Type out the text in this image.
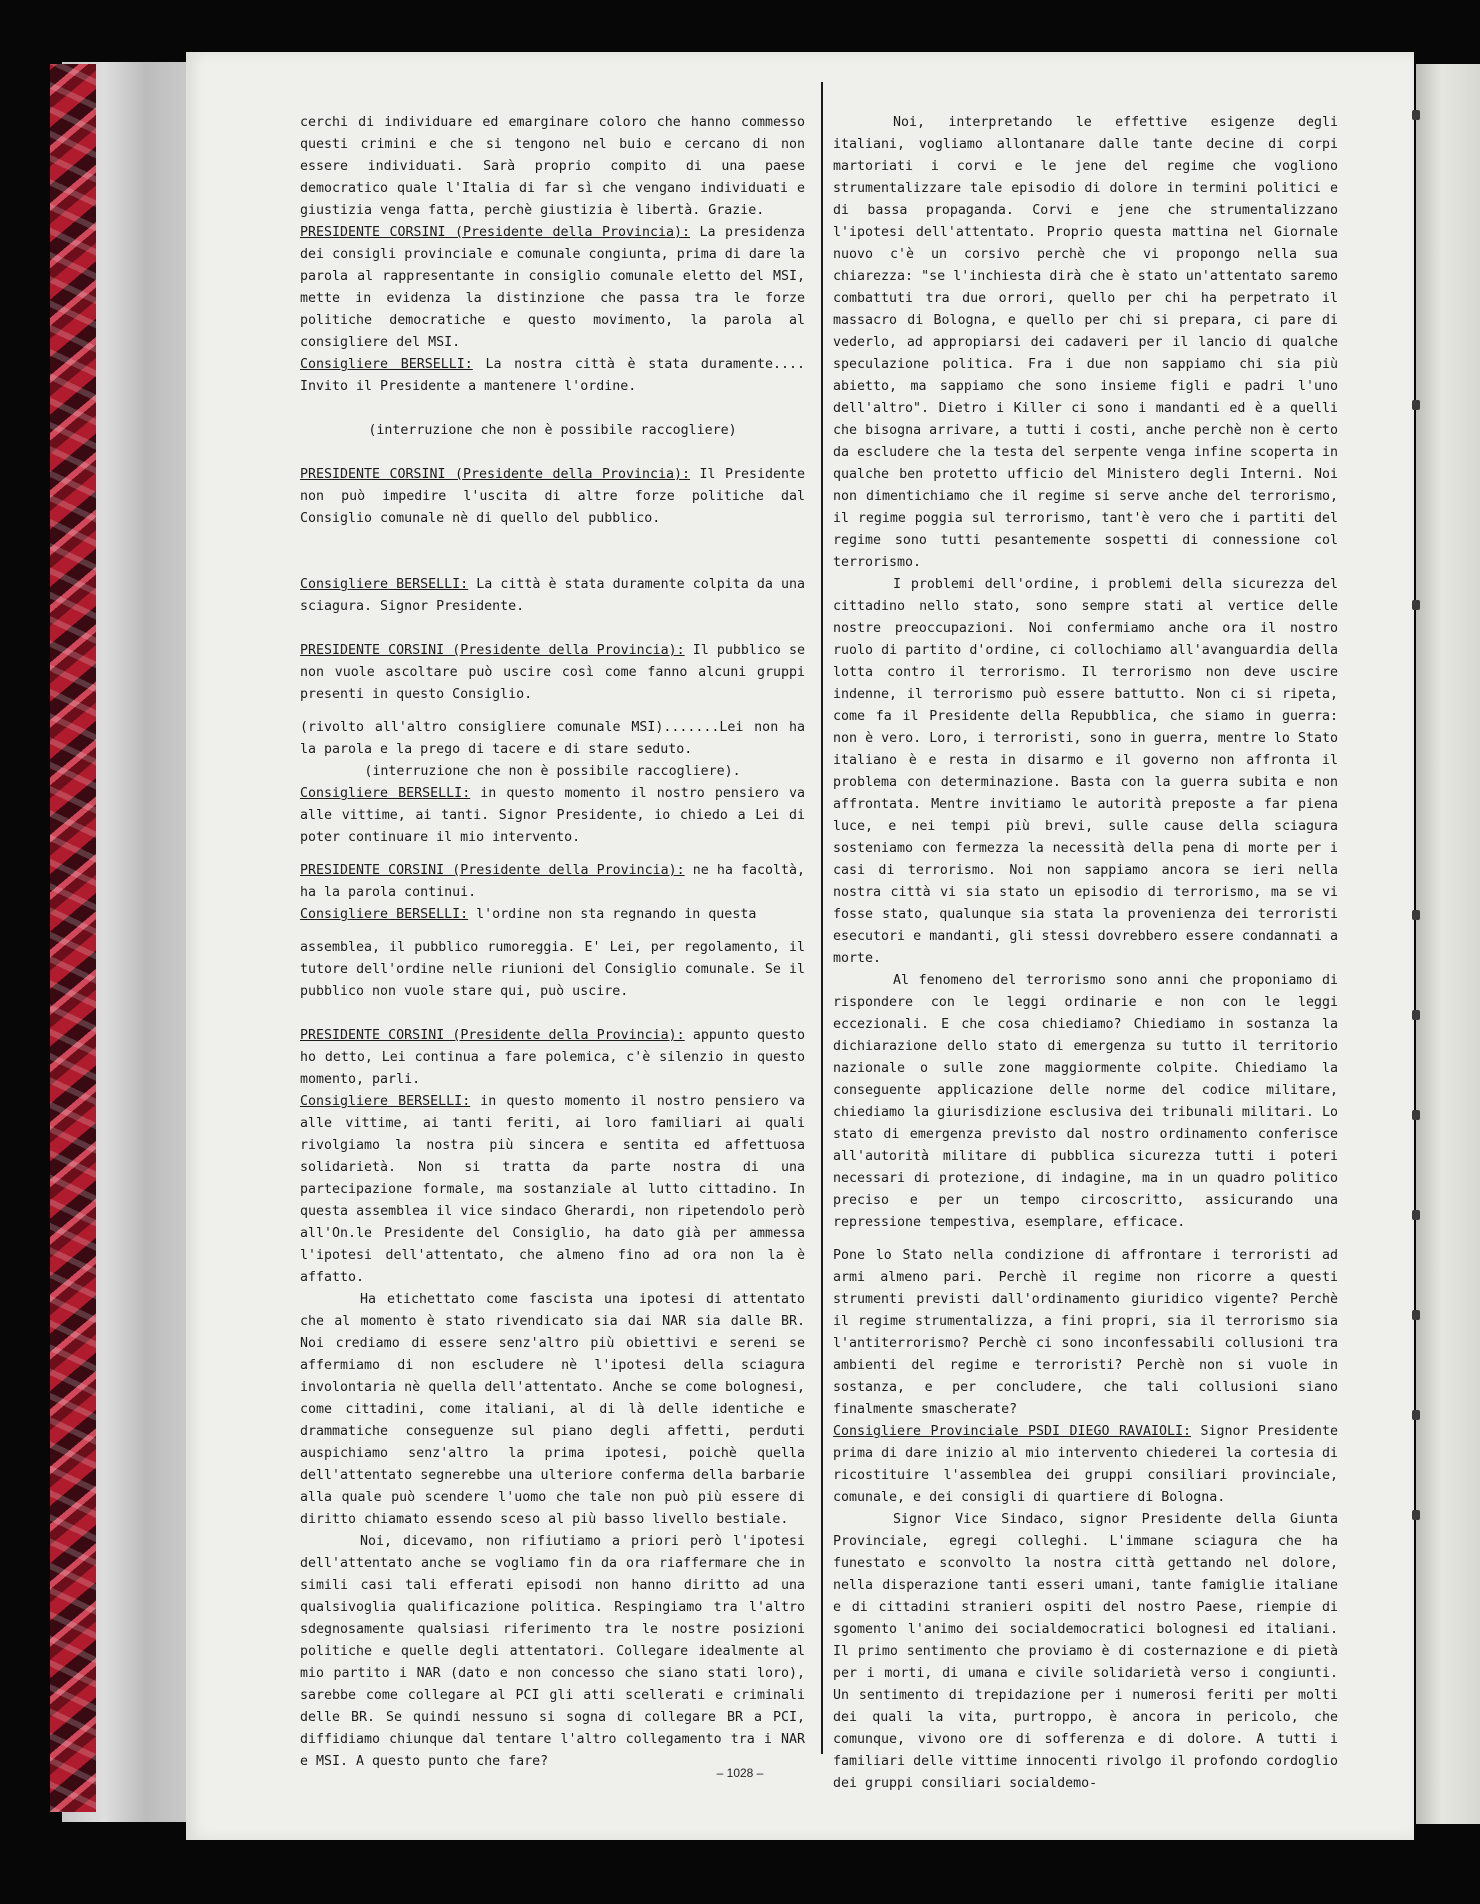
cerchi di individuare ed emarginare coloro che hanno commesso questi crimini e che si tengono nel buio e cercano di non essere individuati. Sarà proprio compito di una paese democratico quale l'Italia di far sì che vengano individuati e giustizia venga fatta, perchè giustizia è libertà. Grazie.

PRESIDENTE CORSINI (Presidente della Provincia): La presidenza dei consigli provinciale e comunale congiunta, prima di dare la parola al rappresentante in consiglio comunale eletto del MSI, mette in evidenza la distinzione che passa tra le forze politiche democratiche e questo movimento, la parola al consigliere del MSI.

Consigliere BERSELLI: La nostra città è stata duramente.... Invito il Presidente a mantenere l'ordine.

(interruzione che non è possibile raccogliere)

PRESIDENTE CORSINI (Presidente della Provincia): Il Presidente non può impedire l'uscita di altre forze politiche dal Consiglio comunale nè di quello del pubblico.

Consigliere BERSELLI: La città è stata duramente colpita da una sciagura. Signor Presidente.

PRESIDENTE CORSINI (Presidente della Provincia): Il pubblico se non vuole ascoltare può uscire così come fanno alcuni gruppi presenti in questo Consiglio.

(rivolto all'altro consigliere comunale MSI).......Lei non ha la parola e la prego di tacere e di stare seduto.

(interruzione che non è possibile raccogliere).

Consigliere BERSELLI: in questo momento il nostro pensiero va alle vittime, ai tanti. Signor Presidente, io chiedo a Lei di poter continuare il mio intervento.

PRESIDENTE CORSINI (Presidente della Provincia): ne ha facoltà, ha la parola continui.

Consigliere BERSELLI: l'ordine non sta regnando in questa

assemblea, il pubblico rumoreggia. E' Lei, per regolamento, il tutore dell'ordine nelle riunioni del Consiglio comunale. Se il pubblico non vuole stare qui, può uscire.

PRESIDENTE CORSINI (Presidente della Provincia): appunto questo ho detto, Lei continua a fare polemica, c'è silenzio in questo momento, parli.

Consigliere BERSELLI: in questo momento il nostro pensiero va alle vittime, ai tanti feriti, ai loro familiari ai quali rivolgiamo la nostra più sincera e sentita ed affettuosa solidarietà. Non si tratta da parte nostra di una partecipazione formale, ma sostanziale al lutto cittadino. In questa assemblea il vice sindaco Gherardi, non ripetendolo però all'On.le Presidente del Consiglio, ha dato già per ammessa l'ipotesi dell'attentato, che almeno fino ad ora non la è affatto.

Ha etichettato come fascista una ipotesi di attentato che al momento è stato rivendicato sia dai NAR sia dalle BR. Noi crediamo di essere senz'altro più obiettivi e sereni se affermiamo di non escludere nè l'ipotesi della sciagura involontaria nè quella dell'attentato. Anche se come bolognesi, come cittadini, come italiani, al di là delle identiche e drammatiche conseguenze sul piano degli affetti, perduti auspichiamo senz'altro la prima ipotesi, poichè quella dell'attentato segnerebbe una ulteriore conferma della barbarie alla quale può scendere l'uomo che tale non può più essere di diritto chiamato essendo sceso al più basso livello bestiale.

Noi, dicevamo, non rifiutiamo a priori però l'ipotesi dell'attentato anche se vogliamo fin da ora riaffermare che in simili casi tali efferati episodi non hanno diritto ad una qualsivoglia qualificazione politica. Respingiamo tra l'altro sdegnosamente qualsiasi riferimento tra le nostre posizioni politiche e quelle degli attentatori. Collegare idealmente al mio partito i NAR (dato e non concesso che siano stati loro), sarebbe come collegare al PCI gli atti scellerati e criminali delle BR. Se quindi nessuno si sogna di collegare BR a PCI, diffidiamo chiunque dal tentare l'altro collegamento tra i NAR e MSI. A questo punto che fare?

Noi, interpretando le effettive esigenze degli italiani, vogliamo allontanare dalle tante decine di corpi martoriati i corvi e le jene del regime che vogliono strumentalizzare tale episodio di dolore in termini politici e di bassa propaganda. Corvi e jene che strumentalizzano l'ipotesi dell'attentato. Proprio questa mattina nel Giornale nuovo c'è un corsivo perchè che vi propongo nella sua chiarezza: "se l'inchiesta dirà che è stato un'attentato saremo combattuti tra due orrori, quello per chi ha perpetrato il massacro di Bologna, e quello per chi si prepara, ci pare di vederlo, ad appropiarsi dei cadaveri per il lancio di qualche speculazione politica. Fra i due non sappiamo chi sia più abietto, ma sappiamo che sono insieme figli e padri l'uno dell'altro". Dietro i Killer ci sono i mandanti ed è a quelli che bisogna arrivare, a tutti i costi, anche perchè non è certo da escludere che la testa del serpente venga infine scoperta in qualche ben protetto ufficio del Ministero degli Interni. Noi non dimentichiamo che il regime si serve anche del terrorismo, il regime poggia sul terrorismo, tant'è vero che i partiti del regime sono tutti pesantemente sospetti di connessione col terrorismo.

I problemi dell'ordine, i problemi della sicurezza del cittadino nello stato, sono sempre stati al vertice delle nostre preoccupazioni. Noi confermiamo anche ora il nostro ruolo di partito d'ordine, ci collochiamo all'avanguardia della lotta contro il terrorismo. Il terrorismo non deve uscire indenne, il terrorismo può essere battutto. Non ci si ripeta, come fa il Presidente della Repubblica, che siamo in guerra: non è vero. Loro, i terroristi, sono in guerra, mentre lo Stato italiano è e resta in disarmo e il governo non affronta il problema con determinazione. Basta con la guerra subita e non affrontata. Mentre invitiamo le autorità preposte a far piena luce, e nei tempi più brevi, sulle cause della sciagura sosteniamo con fermezza la necessità della pena di morte per i casi di terrorismo. Noi non sappiamo ancora se ieri nella nostra città vi sia stato un episodio di terrorismo, ma se vi fosse stato, qualunque sia stata la provenienza dei terroristi esecutori e mandanti, gli stessi dovrebbero essere condannati a morte.

Al fenomeno del terrorismo sono anni che proponiamo di rispondere con le leggi ordinarie e non con le leggi eccezionali. E che cosa chiediamo? Chiediamo in sostanza la dichiarazione dello stato di emergenza su tutto il territorio nazionale o sulle zone maggiormente colpite. Chiediamo la conseguente applicazione delle norme del codice militare, chiediamo la giurisdizione esclusiva dei tribunali militari. Lo stato di emergenza previsto dal nostro ordinamento conferisce all'autorità militare di pubblica sicurezza tutti i poteri necessari di protezione, di indagine, ma in un quadro politico preciso e per un tempo circoscritto, assicurando una repressione tempestiva, esemplare, efficace.

Pone lo Stato nella condizione di affrontare i terroristi ad armi almeno pari. Perchè il regime non ricorre a questi strumenti previsti dall'ordinamento giuridico vigente? Perchè il regime strumentalizza, a fini propri, sia il terrorismo sia l'antiterrorismo? Perchè ci sono inconfessabili collusioni tra ambienti del regime e terroristi? Perchè non si vuole in sostanza, e per concludere, che tali collusioni siano finalmente smascherate?

Consigliere Provinciale PSDI DIEGO RAVAIOLI: Signor Presidente prima di dare inizio al mio intervento chiederei la cortesia di ricostituire l'assemblea dei gruppi consiliari provinciale, comunale, e dei consigli di quartiere di Bologna.

Signor Vice Sindaco, signor Presidente della Giunta Provinciale, egregi colleghi. L'immane sciagura che ha funestato e sconvolto la nostra città gettando nel dolore, nella disperazione tanti esseri umani, tante famiglie italiane e di cittadini stranieri ospiti del nostro Paese, riempie di sgomento l'animo dei socialdemocratici bolognesi ed italiani. Il primo sentimento che proviamo è di costernazione e di pietà per i morti, di umana e civile solidarietà verso i congiunti. Un sentimento di trepidazione per i numerosi feriti per molti dei quali la vita, purtroppo, è ancora in pericolo, che comunque, vivono ore di sofferenza e di dolore. A tutti i familiari delle vittime innocenti rivolgo il profondo cordoglio dei gruppi consiliari socialdemo-

– 1028 –
